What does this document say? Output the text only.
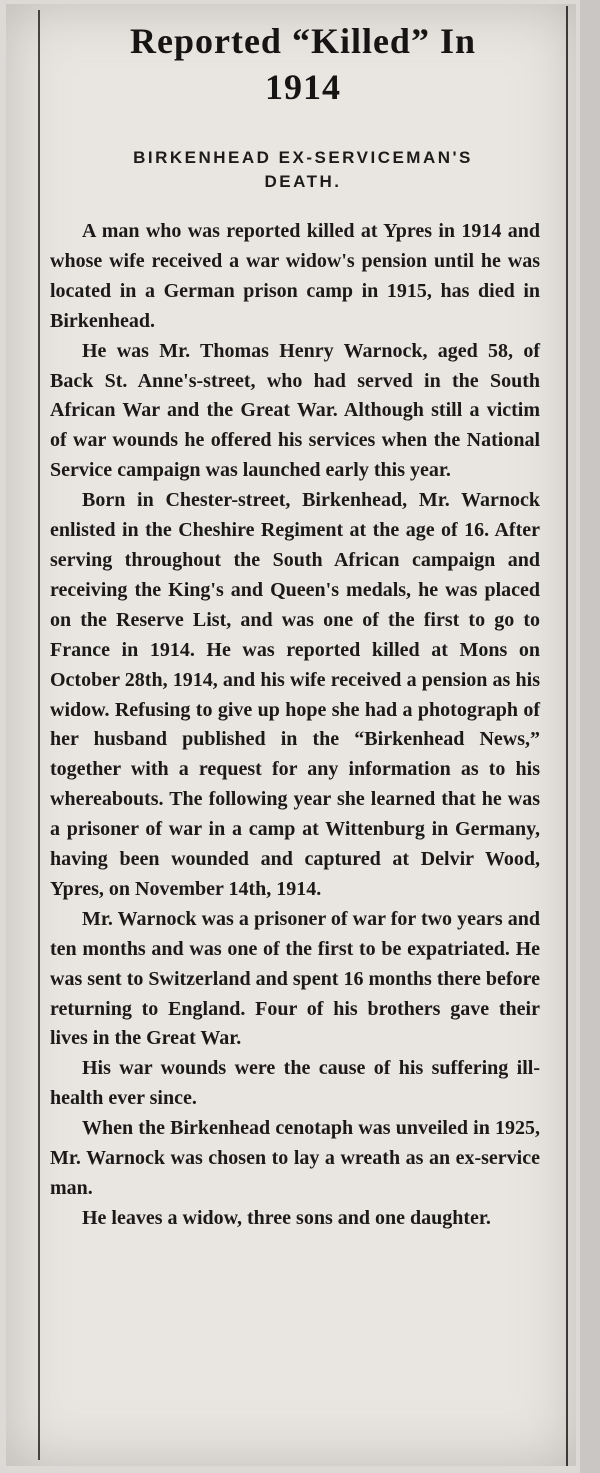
Reported “Killed” In
1914
BIRKENHEAD EX-SERVICEMAN'S
DEATH.

A man who was reported killed at Ypres in 1914 and whose wife received a war widow's pension until he was located in a German prison camp in 1915, has died in Birkenhead.

He was Mr. Thomas Henry Warnock, aged 58, of Back St. Anne's-street, who had served in the South African War and the Great War. Although still a victim of war wounds he offered his services when the National Service campaign was launched early this year.

Born in Chester-street, Birkenhead, Mr. Warnock enlisted in the Cheshire Regiment at the age of 16. After serving throughout the South African campaign and receiving the King's and Queen's medals, he was placed on the Reserve List, and was one of the first to go to France in 1914. He was reported killed at Mons on October 28th, 1914, and his wife received a pension as his widow. Refusing to give up hope she had a photograph of her husband published in the “Birkenhead News,” together with a request for any information as to his whereabouts. The following year she learned that he was a prisoner of war in a camp at Wittenburg in Germany, having been wounded and captured at Delvir Wood, Ypres, on November 14th, 1914.

Mr. Warnock was a prisoner of war for two years and ten months and was one of the first to be expatriated. He was sent to Switzerland and spent 16 months there before returning to England. Four of his brothers gave their lives in the Great War.

His war wounds were the cause of his suffering ill-health ever since.

When the Birkenhead cenotaph was unveiled in 1925, Mr. Warnock was chosen to lay a wreath as an ex-service man.

He leaves a widow, three sons and one daughter.
